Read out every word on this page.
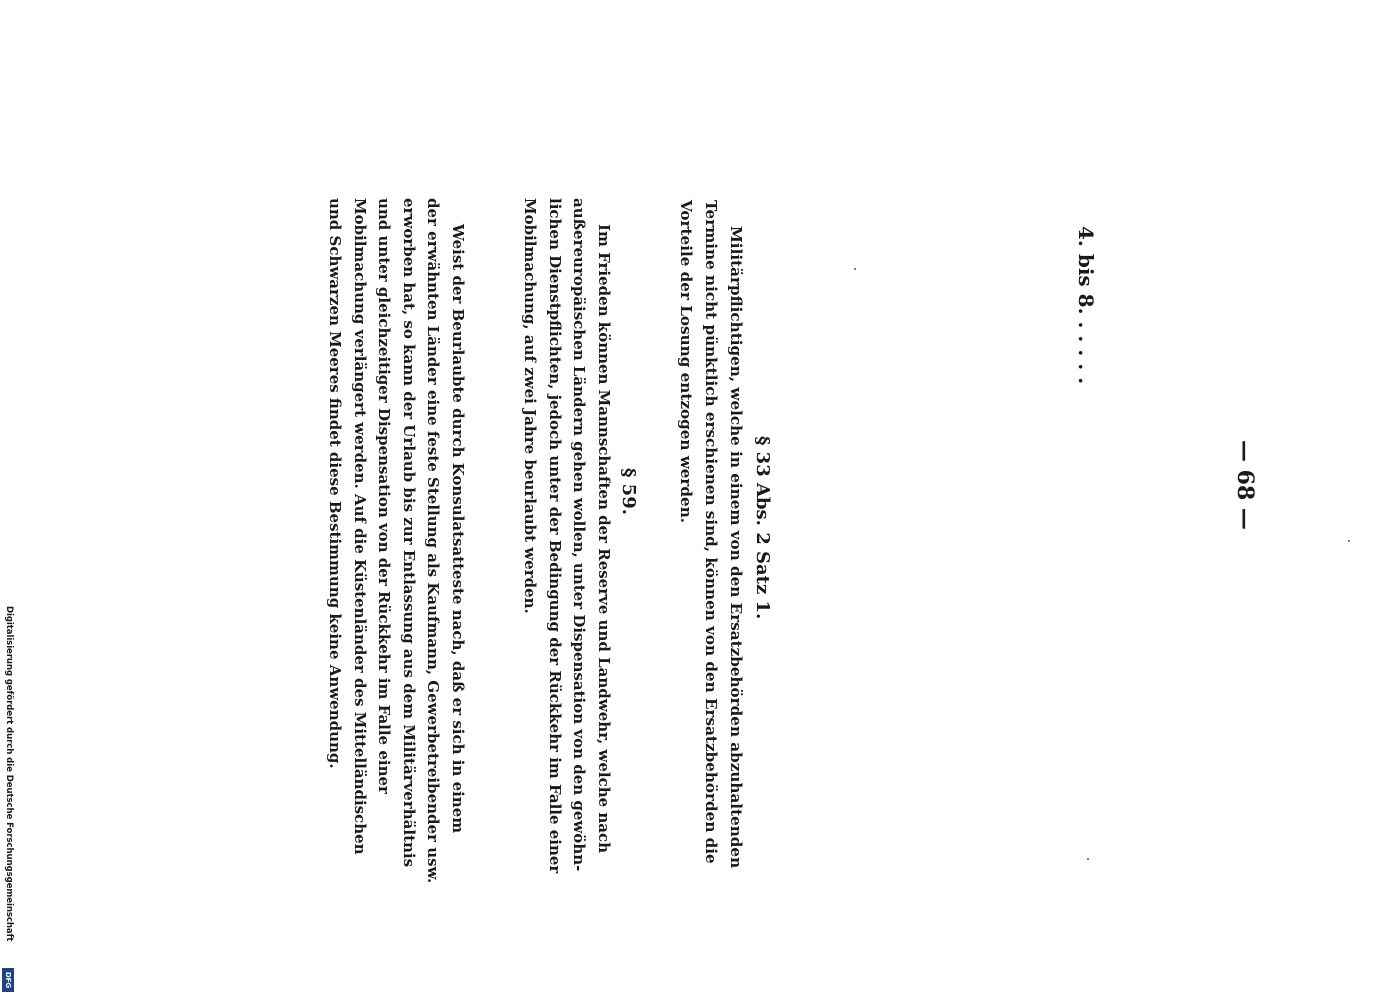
— 68 —
4. bis 8. . . . . .
§ 33 Abs. 2 Satz 1.
Militärpflichtigen, welche in einem von den Ersatzbehörden abzuhaltenden
Termine nicht pünktlich erschienen sind, können von den Ersatzbehörden die
Vorteile der Losung entzogen werden.
§ 59.
Im Frieden können Mannschaften der Reserve und Landwehr, welche nach
außereuropäischen Ländern gehen wollen, unter Dispensation von den gewöhn-
lichen Dienstpflichten, jedoch unter der Bedingung der Rückkehr im Falle einer
Mobilmachung, auf zwei Jahre beurlaubt werden.
Weist der Beurlaubte durch Konsulatsatteste nach, daß er sich in einem
der erwähnten Länder eine feste Stellung als Kaufmann, Gewerbetreibender usw.
erworben hat, so kann der Urlaub bis zur Entlassung aus dem Militärverhältnis
und unter gleichzeitiger Dispensation von der Rückkehr im Falle einer
Mobilmachung verlängert werden. Auf die Küstenländer des Mittelländischen
und Schwarzen Meeres findet diese Bestimmung keine Anwendung.
Digitalisierung gefördert durch die Deutsche Forschungsgemeinschaft
DFG
